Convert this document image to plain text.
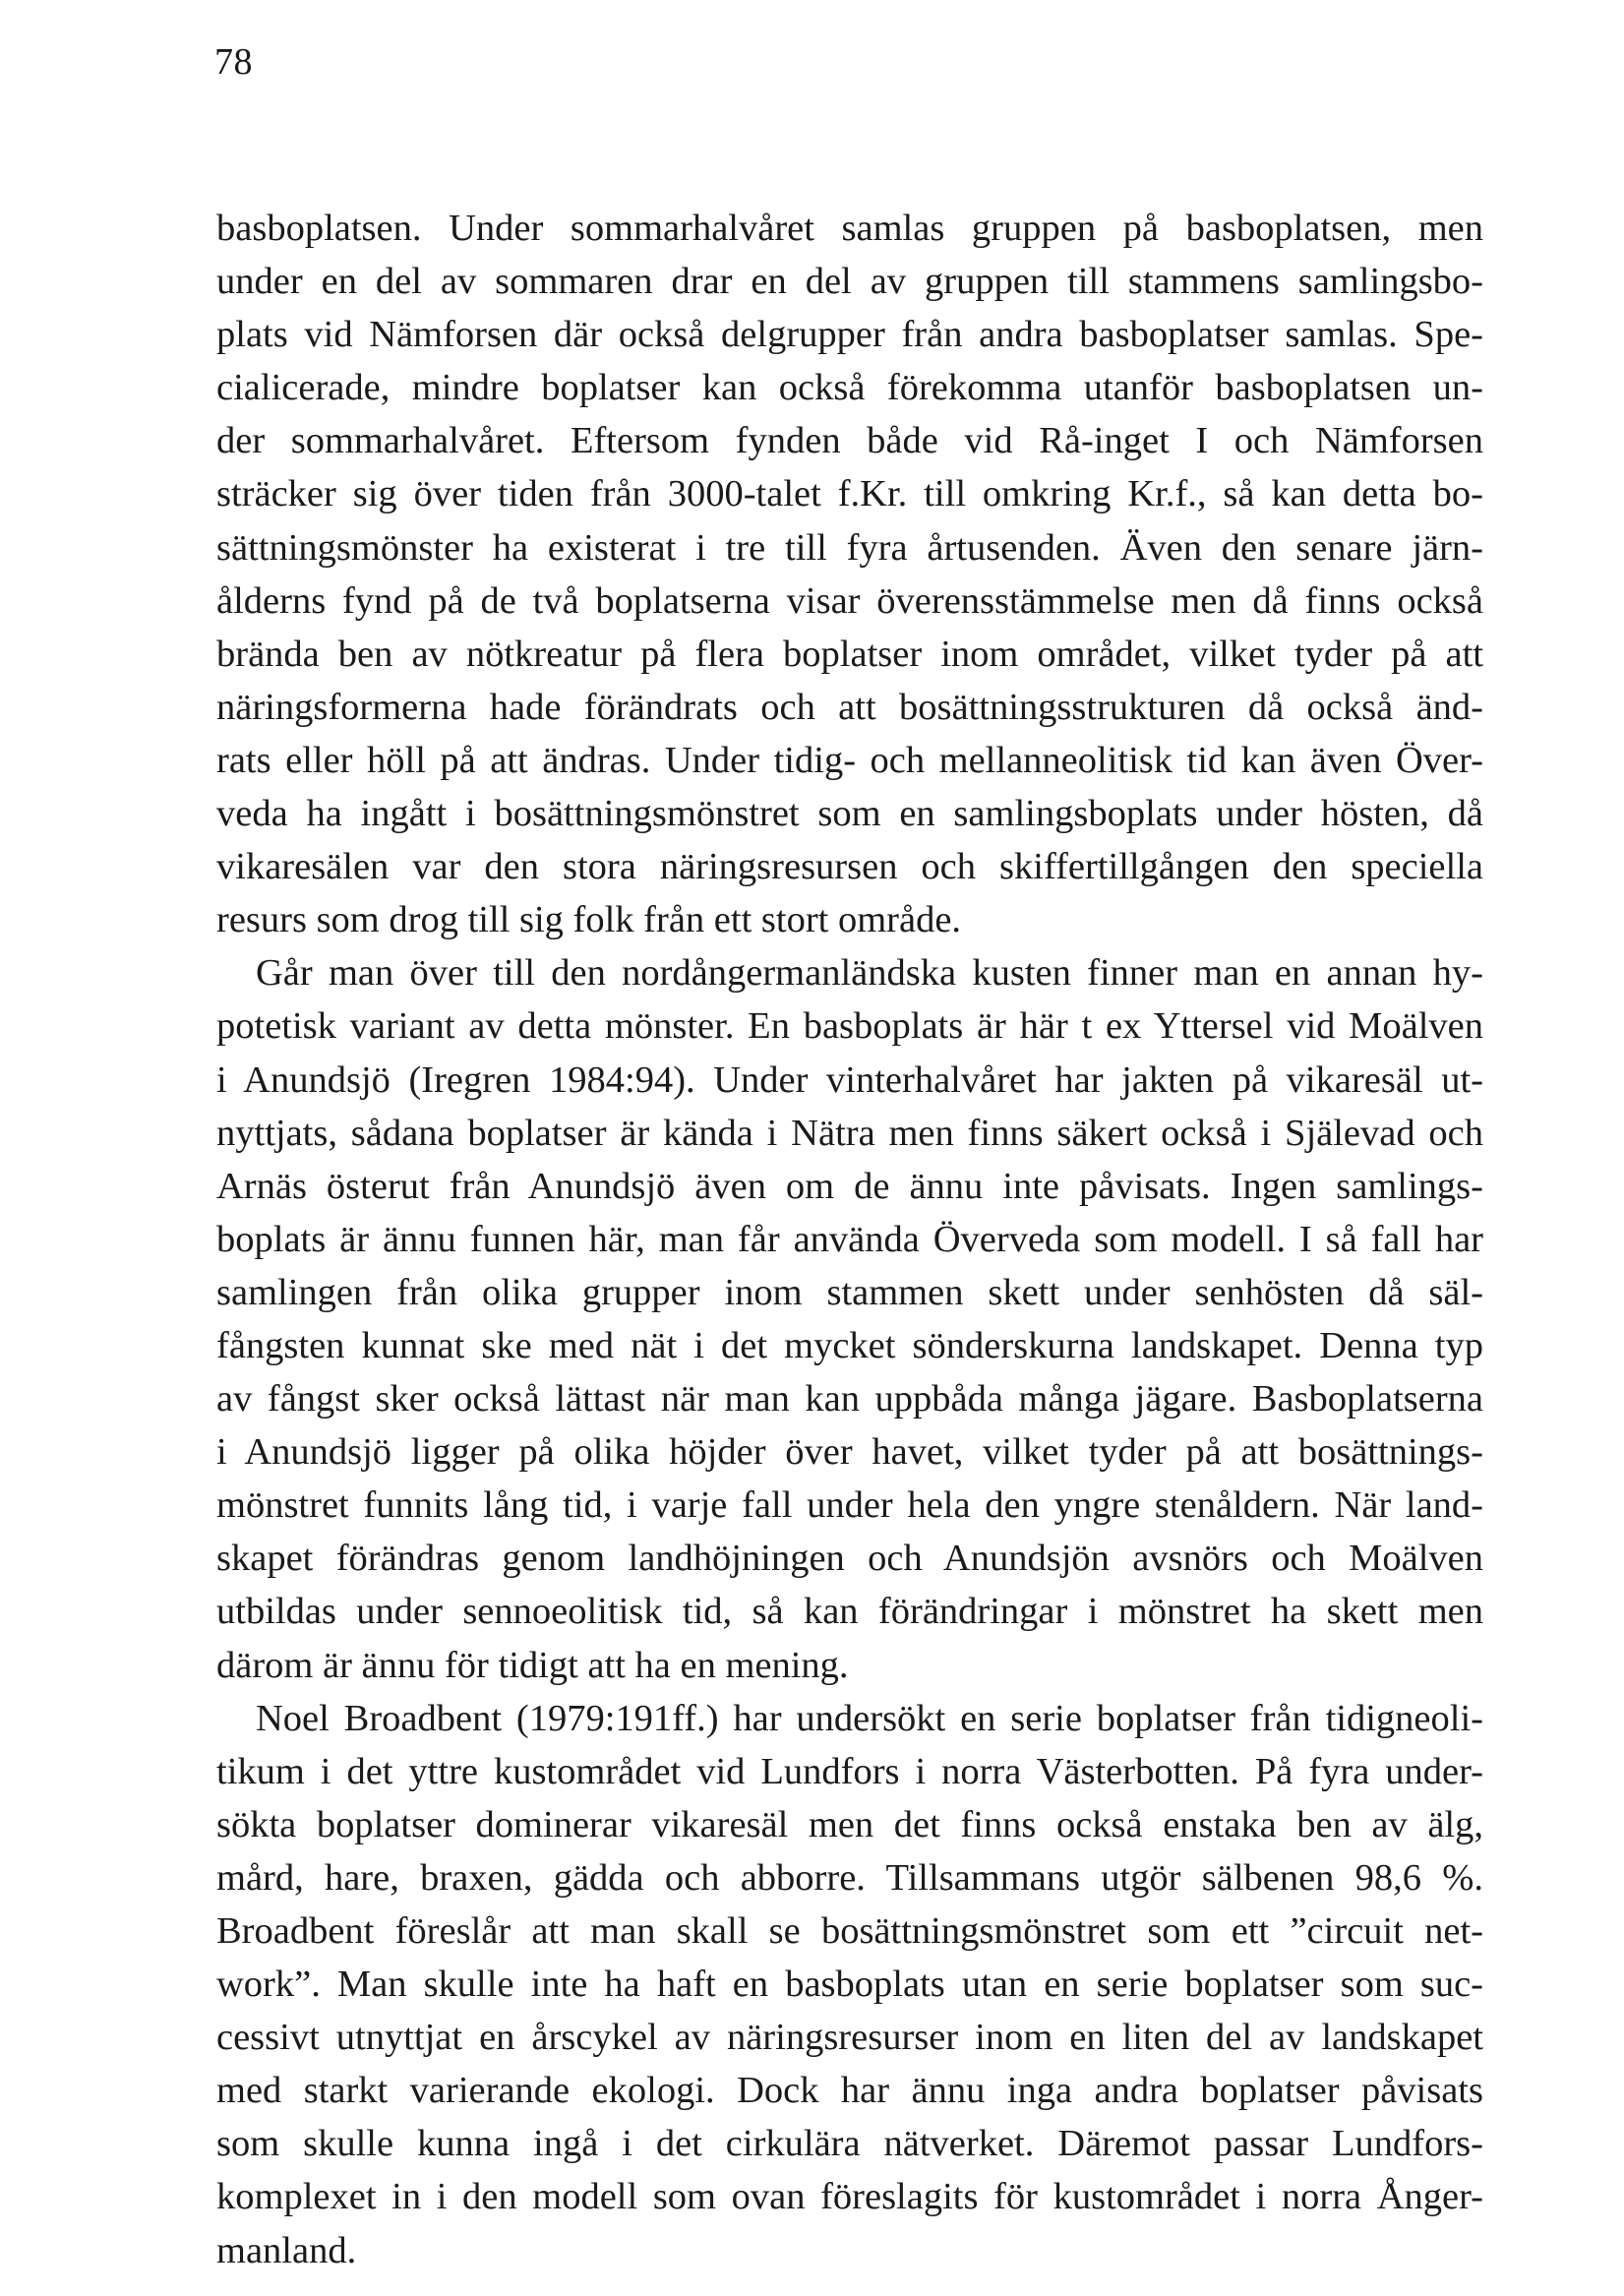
78
basboplatsen. Under sommarhalvåret samlas gruppen på basboplatsen, men
under en del av sommaren drar en del av gruppen till stammens samlingsbo-
plats vid Nämforsen där också delgrupper från andra basboplatser samlas. Spe-
cialicerade, mindre boplatser kan också förekomma utanför basboplatsen un-
der sommarhalvåret. Eftersom fynden både vid Rå-inget I och Nämforsen
sträcker sig över tiden från 3000-talet f.Kr. till omkring Kr.f., så kan detta bo-
sättningsmönster ha existerat i tre till fyra årtusenden. Även den senare järn-
ålderns fynd på de två boplatserna visar överensstämmelse men då finns också
brända ben av nötkreatur på flera boplatser inom området, vilket tyder på att
näringsformerna hade förändrats och att bosättningsstrukturen då också änd-
rats eller höll på att ändras. Under tidig- och mellanneolitisk tid kan även Över-
veda ha ingått i bosättningsmönstret som en samlingsboplats under hösten, då
vikaresälen var den stora näringsresursen och skiffertillgången den speciella
resurs som drog till sig folk från ett stort område.
Går man över till den nordångermanländska kusten finner man en annan hy-
potetisk variant av detta mönster. En basboplats är här t ex Yttersel vid Moälven
i Anundsjö (Iregren 1984:94). Under vinterhalvåret har jakten på vikaresäl ut-
nyttjats, sådana boplatser är kända i Nätra men finns säkert också i Själevad och
Arnäs österut från Anundsjö även om de ännu inte påvisats. Ingen samlings-
boplats är ännu funnen här, man får använda Överveda som modell. I så fall har
samlingen från olika grupper inom stammen skett under senhösten då säl-
fångsten kunnat ske med nät i det mycket sönderskurna landskapet. Denna typ
av fångst sker också lättast när man kan uppbåda många jägare. Basboplatserna
i Anundsjö ligger på olika höjder över havet, vilket tyder på att bosättnings-
mönstret funnits lång tid, i varje fall under hela den yngre stenåldern. När land-
skapet förändras genom landhöjningen och Anundsjön avsnörs och Moälven
utbildas under sennoeolitisk tid, så kan förändringar i mönstret ha skett men
därom är ännu för tidigt att ha en mening.
Noel Broadbent (1979:191ff.) har undersökt en serie boplatser från tidigneoli-
tikum i det yttre kustområdet vid Lundfors i norra Västerbotten. På fyra under-
sökta boplatser dominerar vikaresäl men det finns också enstaka ben av älg,
mård, hare, braxen, gädda och abborre. Tillsammans utgör sälbenen 98,6 %.
Broadbent föreslår att man skall se bosättningsmönstret som ett ”circuit net-
work”. Man skulle inte ha haft en basboplats utan en serie boplatser som suc-
cessivt utnyttjat en årscykel av näringsresurser inom en liten del av landskapet
med starkt varierande ekologi. Dock har ännu inga andra boplatser påvisats
som skulle kunna ingå i det cirkulära nätverket. Däremot passar Lundfors-
komplexet in i den modell som ovan föreslagits för kustområdet i norra Ånger-
manland.
